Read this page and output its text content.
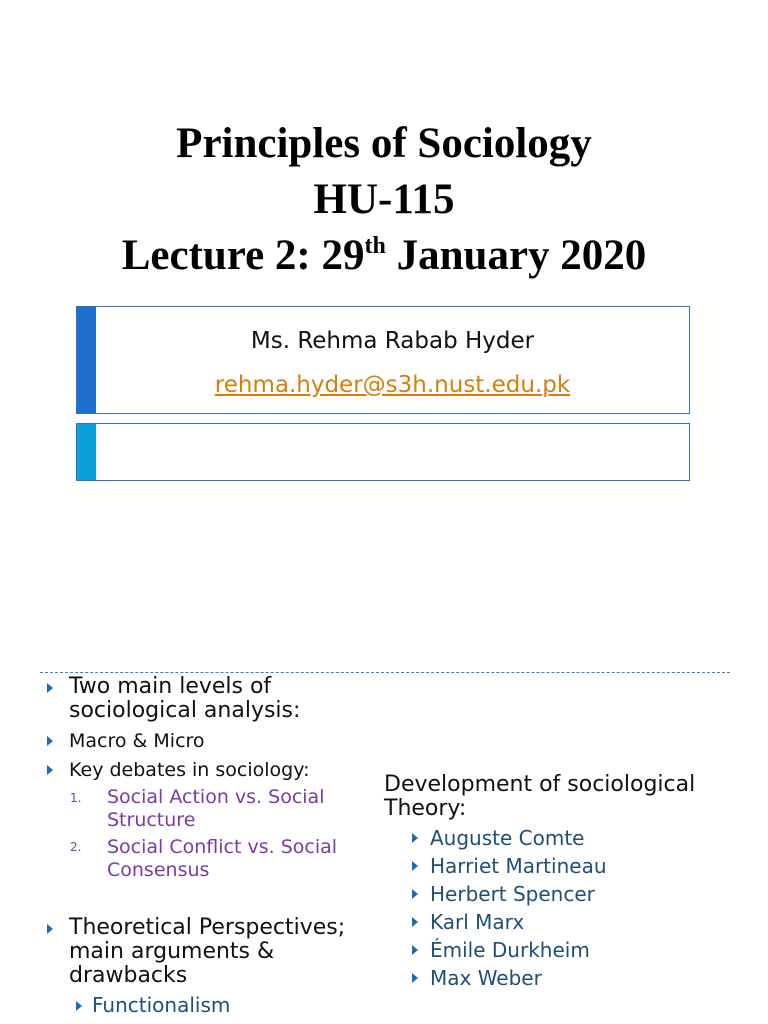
Principles of Sociology
HU-115
Lecture 2: 29th January 2020
Ms. Rehma Rabab Hyder
rehma.hyder@s3h.nust.edu.pk
Two main levels of
sociological analysis:
Macro & Micro
Key debates in sociology:
1. Social Action vs. Social
Structure
2. Social Conflict vs. Social
Consensus
Theoretical Perspectives;
main arguments &
drawbacks
Functionalism
Development of sociological
Theory:
Auguste Comte
Harriet Martineau
Herbert Spencer
Karl Marx
Émile Durkheim
Max Weber
